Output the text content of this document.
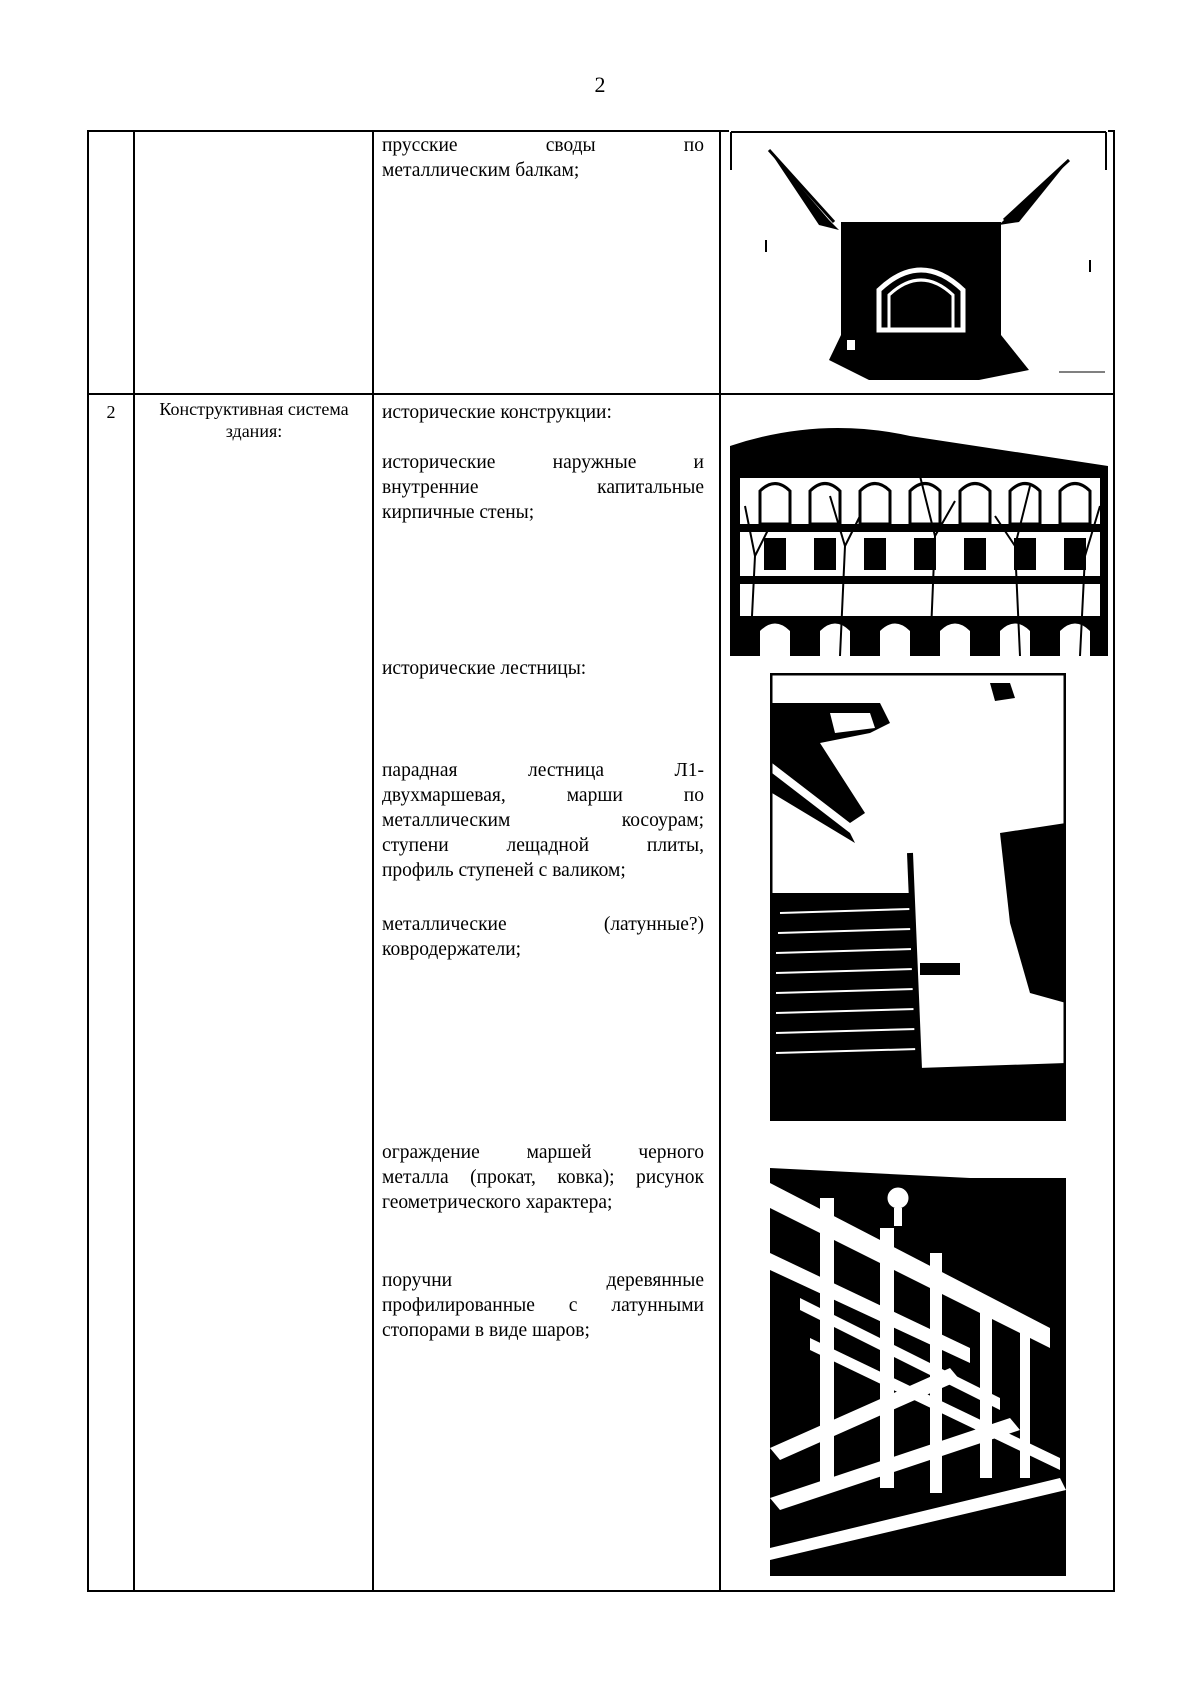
2
прусские своды по
металлическим балкам;
2	Конструктивная система
здания:
исторические конструкции:
исторические наружные и
внутренние капитальные
кирпичные стены;
исторические лестницы:
парадная лестница Л1-
двухмаршевая, марши по
металлическим косоурам;
ступени лещадной плиты,
профиль ступеней с валиком;
металлические (латунные?)
ковродержатели;
ограждение маршей черного
металла (прокат, ковка); рисунок
геометрического характера;
поручни деревянные
профилированные с латунными
стопорами в виде шаров;
